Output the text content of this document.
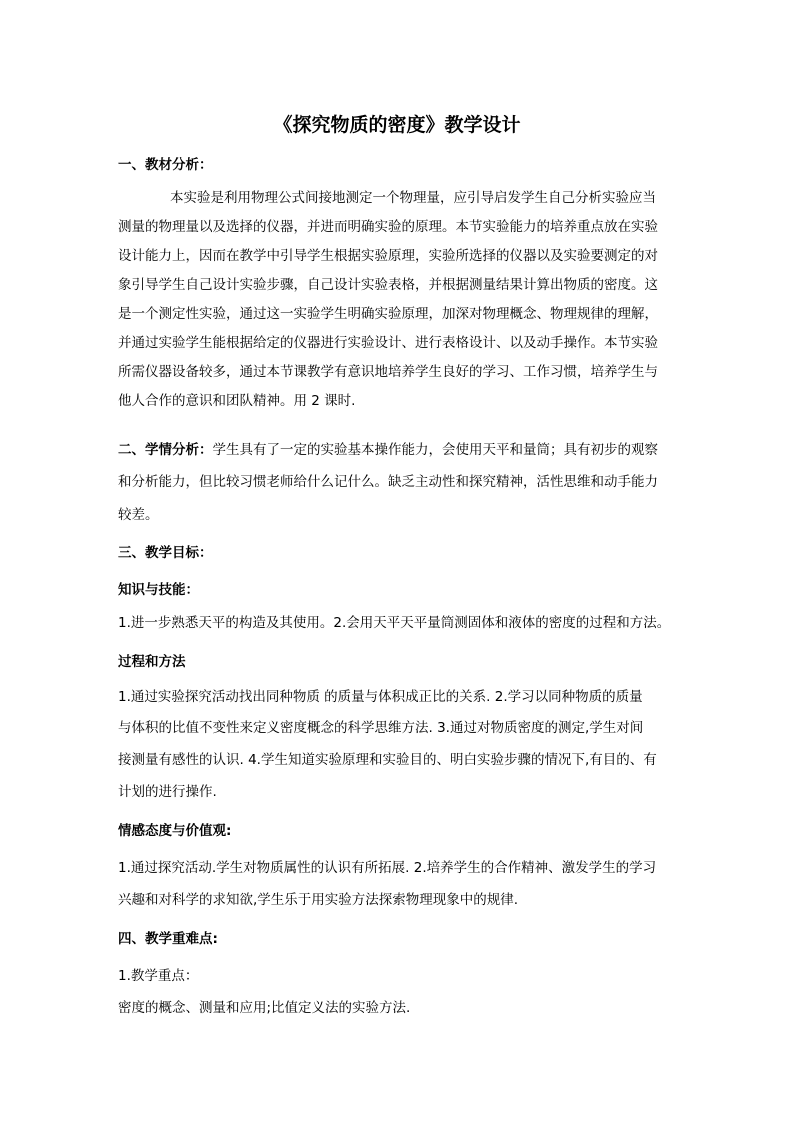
《探究物质的密度》教学设计
一、教材分析：
本实验是利用物理公式间接地测定一个物理量，应引导启发学生自己分析实验应当
测量的物理量以及选择的仪器，并进而明确实验的原理。本节实验能力的培养重点放在实验
设计能力上，因而在教学中引导学生根据实验原理，实验所选择的仪器以及实验要测定的对
象引导学生自己设计实验步骤，自己设计实验表格，并根据测量结果计算出物质的密度。这
是一个测定性实验，通过这一实验学生明确实验原理，加深对物理概念、物理规律的理解，
并通过实验学生能根据给定的仪器进行实验设计、进行表格设计、以及动手操作。本节实验
所需仪器设备较多，通过本节课教学有意识地培养学生良好的学习、工作习惯，培养学生与
他人合作的意识和团队精神。用 2 课时.
二、学情分析：学生具有了一定的实验基本操作能力，会使用天平和量筒；具有初步的观察
和分析能力，但比较习惯老师给什么记什么。缺乏主动性和探究精神，活性思维和动手能力
较差。
三、教学目标：
知识与技能：
1.进一步熟悉天平的构造及其使用。2.会用天平天平量筒测固体和液体的密度的过程和方法。
过程和方法
1.通过实验探究活动找出同种物质 的质量与体积成正比的关系. 2.学习以同种物质的质量
与体积的比值不变性来定义密度概念的科学思维方法. 3.通过对物质密度的测定,学生对间
接测量有感性的认识. 4.学生知道实验原理和实验目的、明白实验步骤的情况下,有目的、有
计划的进行操作.
情感态度与价值观:
1.通过探究活动.学生对物质属性的认识有所拓展. 2.培养学生的合作精神、激发学生的学习
兴趣和对科学的求知欲,学生乐于用实验方法探索物理现象中的规律.
四、教学重难点:
1.教学重点：
密度的概念、测量和应用;比值定义法的实验方法.
